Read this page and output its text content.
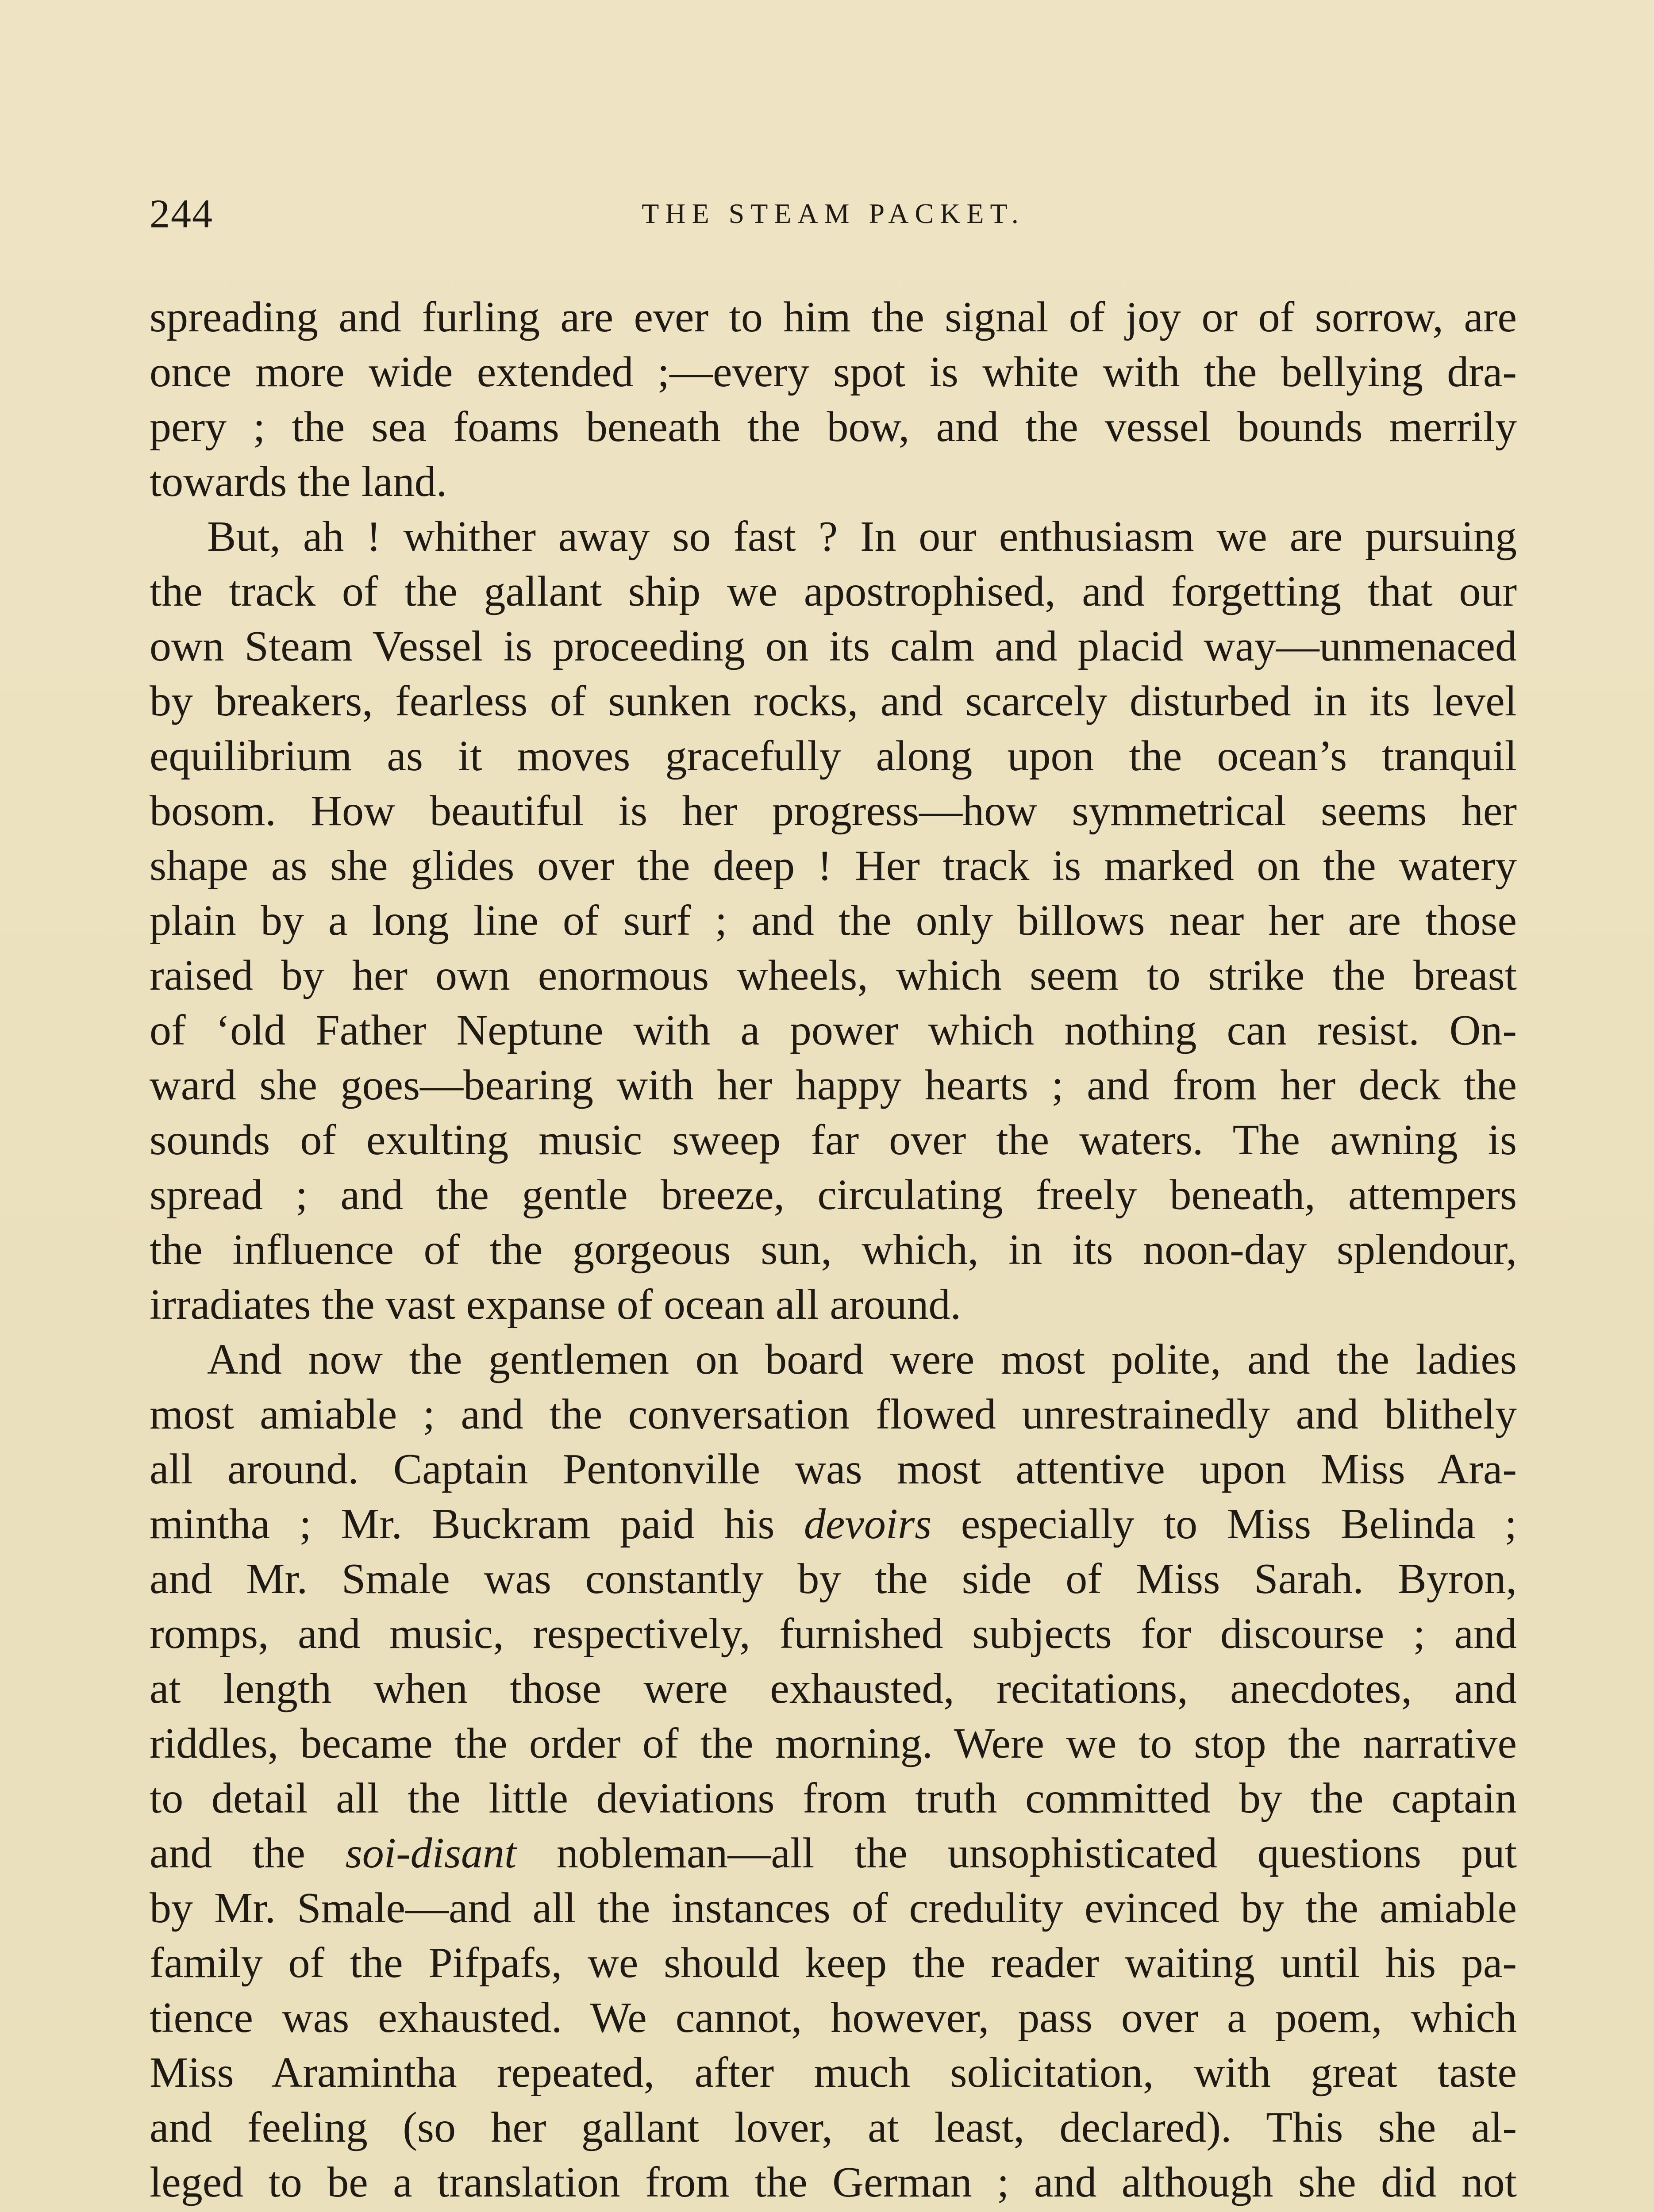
244	THE STEAM PACKET.
spreading and furling are ever to him the signal of joy or of sorrow, are
once more wide extended ;—every spot is white with the bellying dra-
pery ; the sea foams beneath the bow, and the vessel bounds merrily
towards the land.
But, ah ! whither away so fast ? In our enthusiasm we are pursuing
the track of the gallant ship we apostrophised, and forgetting that our
own Steam Vessel is proceeding on its calm and placid way—unmenaced
by breakers, fearless of sunken rocks, and scarcely disturbed in its level
equilibrium as it moves gracefully along upon the ocean’s tranquil
bosom. How beautiful is her progress—how symmetrical seems her
shape as she glides over the deep ! Her track is marked on the watery
plain by a long line of surf ; and the only billows near her are those
raised by her own enormous wheels, which seem to strike the breast
of ‘old Father Neptune with a power which nothing can resist. On-
ward she goes—bearing with her happy hearts ; and from her deck the
sounds of exulting music sweep far over the waters. The awning is
spread ; and the gentle breeze, circulating freely beneath, attempers
the influence of the gorgeous sun, which, in its noon-day splendour,
irradiates the vast expanse of ocean all around.
And now the gentlemen on board were most polite, and the ladies
most amiable ; and the conversation flowed unrestrainedly and blithely
all around. Captain Pentonville was most attentive upon Miss Ara-
mintha ; Mr. Buckram paid his devoirs especially to Miss Belinda ;
and Mr. Smale was constantly by the side of Miss Sarah. Byron,
romps, and music, respectively, furnished subjects for discourse ; and
at length when those were exhausted, recitations, anecdotes, and
riddles, became the order of the morning. Were we to stop the narrative
to detail all the little deviations from truth committed by the captain
and the soi-disant nobleman—all the unsophisticated questions put
by Mr. Smale—and all the instances of credulity evinced by the amiable
family of the Pifpafs, we should keep the reader waiting until his pa-
tience was exhausted. We cannot, however, pass over a poem, which
Miss Aramintha repeated, after much solicitation, with great taste
and feeling (so her gallant lover, at least, declared). This she al-
leged to be a translation from the German ; and although she did not
